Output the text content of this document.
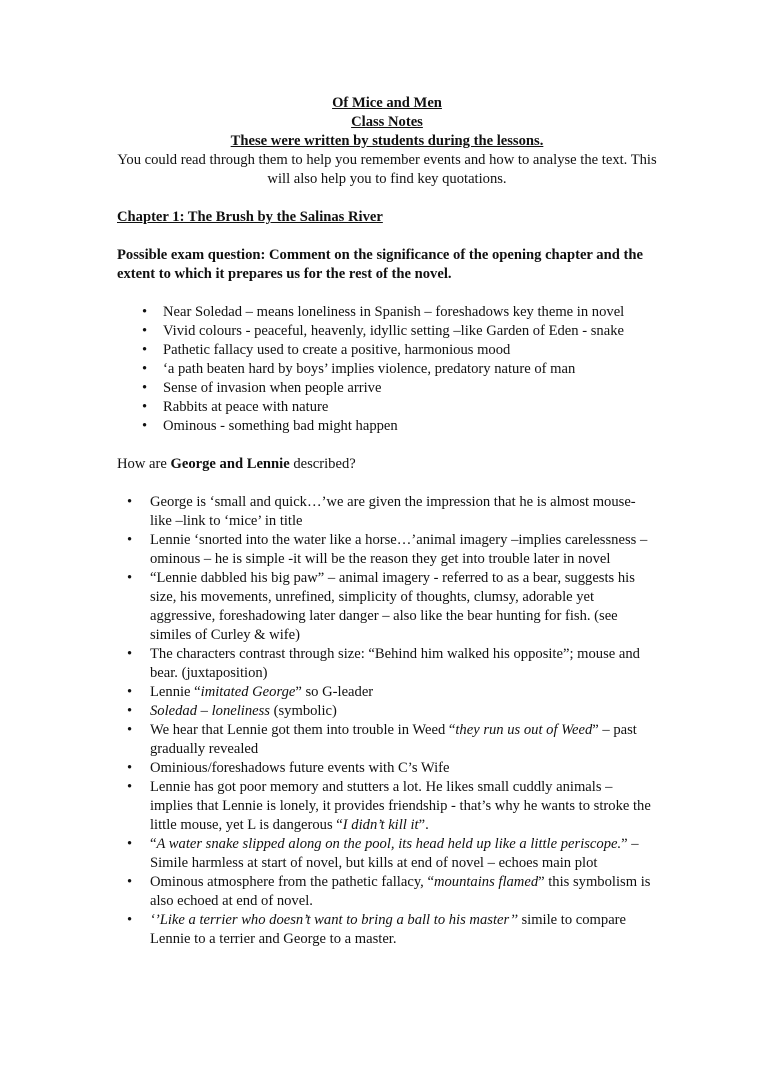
Of Mice and Men
Class Notes
These were written by students during the lessons.
You could read through them to help you remember events and how to analyse the text. This will also help you to find key quotations.
Chapter 1: The Brush by the Salinas River
Possible exam question: Comment on the significance of the opening chapter and the extent to which it prepares us for the rest of the novel.
• Near Soledad – means loneliness in Spanish – foreshadows key theme in novel
• Vivid colours - peaceful, heavenly, idyllic setting –like Garden of Eden - snake
• Pathetic fallacy used to create a positive, harmonious mood
• ‘a path beaten hard by boys’ implies violence, predatory nature of man
• Sense of invasion when people arrive
• Rabbits at peace with nature
• Ominous - something bad might happen
How are George and Lennie described?
• George is ‘small and quick…’we are given the impression that he is almost mouse-like –link to ‘mice’ in title
• Lennie ‘snorted into the water like a horse…’animal imagery –implies carelessness –ominous – he is simple -it will be the reason they get into trouble later in novel
• “Lennie dabbled his big paw” – animal imagery - referred to as a bear, suggests his size, his movements, unrefined, simplicity of thoughts, clumsy, adorable yet aggressive, foreshadowing later danger – also like the bear hunting for fish. (see similes of Curley & wife)
• The characters contrast through size: “Behind him walked his opposite”; mouse and bear. (juxtaposition)
• Lennie “imitated George” so G-leader
• Soledad – loneliness (symbolic)
• We hear that Lennie got them into trouble in Weed “they run us out of Weed” – past gradually revealed
• Ominious/foreshadows future events with C’s Wife
• Lennie has got poor memory and stutters a lot. He likes small cuddly animals – implies that Lennie is lonely, it provides friendship - that’s why he wants to stroke the little mouse, yet L is dangerous “I didn’t kill it”.
• “A water snake slipped along on the pool, its head held up like a little periscope.” – Simile harmless at start of novel, but kills at end of novel – echoes main plot
• Ominous atmosphere from the pathetic fallacy, “mountains flamed” this symbolism is also echoed at end of novel.
• ‘’Like a terrier who doesn’t want to bring a ball to his master’’ simile to compare Lennie to a terrier and George to a master.
